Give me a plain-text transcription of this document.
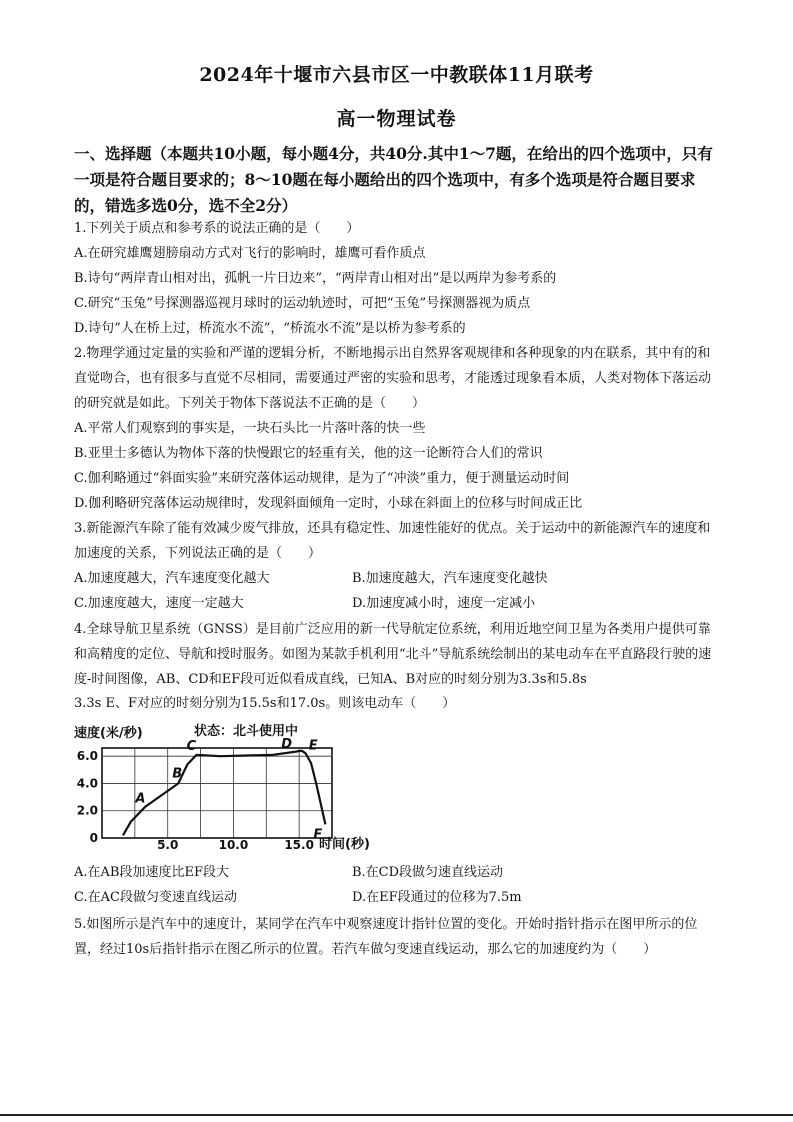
2024年十堰市六县市区一中教联体11月联考
高一物理试卷
一、选择题（本题共10小题，每小题4分，共40分.其中1～7题，在给出的四个选项中，只有一项是符合题目要求的；8～10题在每小题给出的四个选项中，有多个选项是符合题目要求的，错选多选0分，选不全2分）
1.下列关于质点和参考系的说法正确的是（　　）
A.在研究雄鹰翅膀扇动方式对飞行的影响时，雄鹰可看作质点
B.诗句“两岸青山相对出，孤帆一片日边来”，“两岸青山相对出”是以两岸为参考系的
C.研究“玉兔”号探测器巡视月球时的运动轨迹时，可把“玉兔”号探测器视为质点
D.诗句“人在桥上过，桥流水不流”，“桥流水不流”是以桥为参考系的
2.物理学通过定量的实验和严谨的逻辑分析，不断地揭示出自然界客观规律和各种现象的内在联系，其中有的和直觉吻合，也有很多与直觉不尽相同，需要通过严密的实验和思考，才能透过现象看本质，人类对物体下落运动的研究就是如此。下列关于物体下落说法不正确的是（　　）
A.平常人们观察到的事实是，一块石头比一片落叶落的快一些
B.亚里士多德认为物体下落的快慢跟它的轻重有关，他的这一论断符合人们的常识
C.伽利略通过“斜面实验”来研究落体运动规律，是为了“冲淡”重力，便于测量运动时间
D.伽利略研究落体运动规律时，发现斜面倾角一定时，小球在斜面上的位移与时间成正比
3.新能源汽车除了能有效减少废气排放，还具有稳定性、加速性能好的优点。关于运动中的新能源汽车的速度和加速度的关系，下列说法正确的是（　　）
A.加速度越大，汽车速度变化越大	B.加速度越大，汽车速度变化越快
C.加速度越大，速度一定越大	D.加速度减小时，速度一定减小
4.全球导航卫星系统（GNSS）是目前广泛应用的新一代导航定位系统，利用近地空间卫星为各类用户提供可靠和高精度的定位、导航和授时服务。如图为某款手机利用“北斗”导航系统绘制出的某电动车在平直路段行驶的速度-时间图像，AB、CD和EF段可近似看成直线，已知A、B对应的时刻分别为3.3s和5.8s
3.3s E、F对应的时刻分别为15.5s和17.0s。则该电动车（　　）
速度(米/秒)	状态：北斗使用中
时间(秒)
0
2.0
4.0
6.0
5.0	10.0	15.0
A
B
C	D E
F
A.在AB段加速度比EF段大	B.在CD段做匀速直线运动
C.在AC段做匀变速直线运动	D.在EF段通过的位移为7.5m
5.如图所示是汽车中的速度计，某同学在汽车中观察速度计指针位置的变化。开始时指针指示在图甲所示的位置，经过10s后指针指示在图乙所示的位置。若汽车做匀变速直线运动，那么它的加速度约为（　　）
